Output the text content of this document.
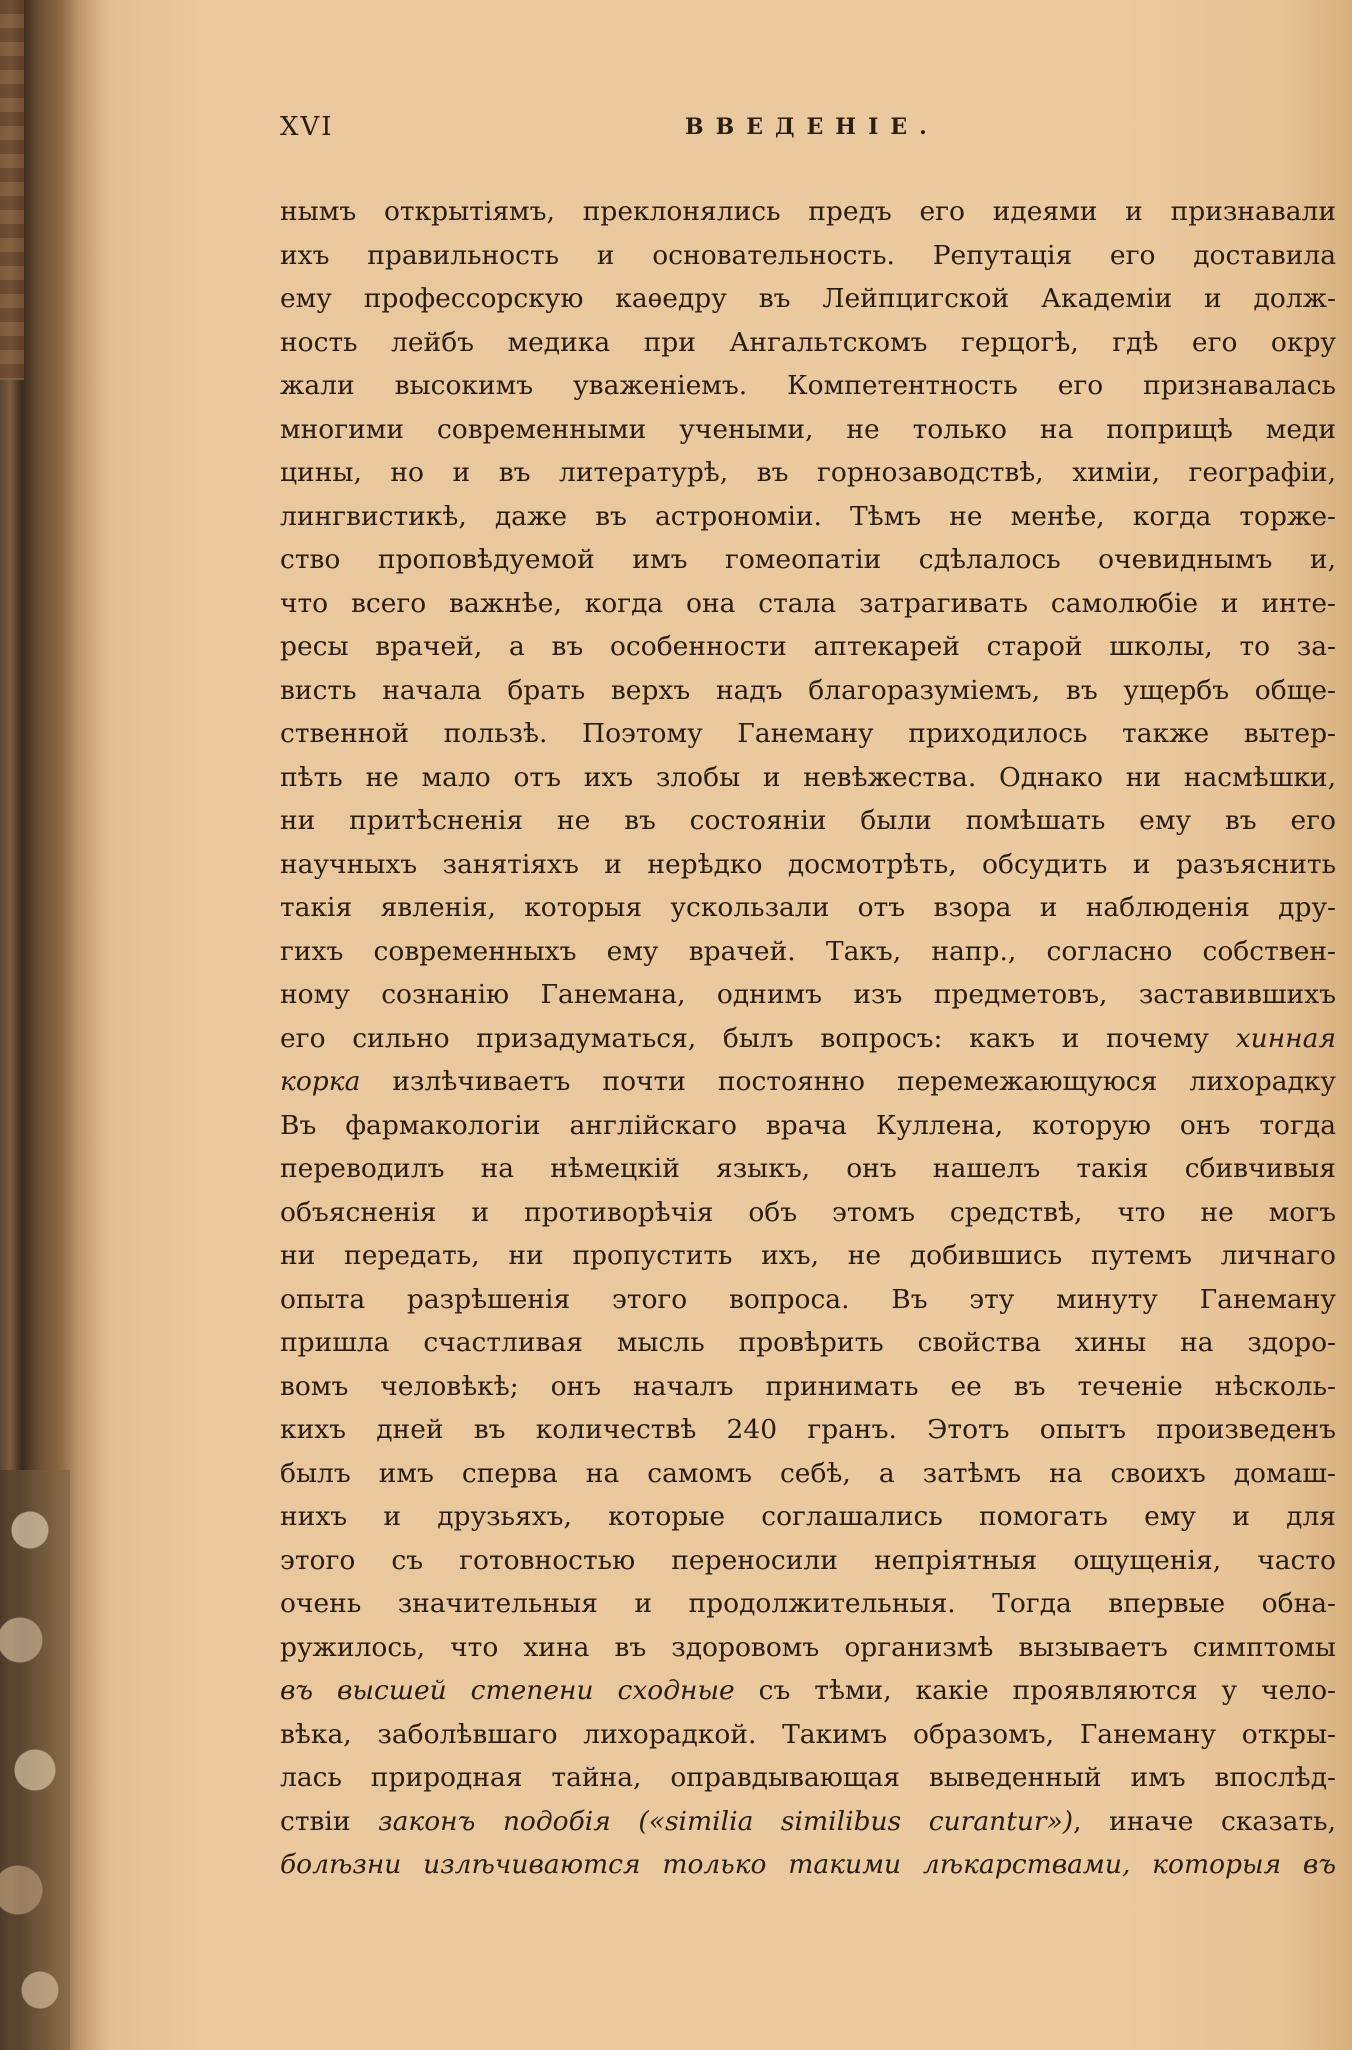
XVI	ВВЕДЕНІЕ.
нымъ открытіямъ, преклонялись предъ его идеями и признавали
ихъ правильность и основательность. Репутація его доставила
ему профессорскую каѳедру въ Лейпцигской Академіи и долж-
ность лейбъ медика при Ангальтскомъ герцогѣ, гдѣ его окру
жали высокимъ уваженіемъ. Компетентность его признавалась
многими современными учеными, не только на поприщѣ меди
цины, но и въ литературѣ, въ горнозаводствѣ, химіи, географіи,
лингвистикѣ, даже въ астрономіи. Тѣмъ не менѣе, когда торже-
ство проповѣдуемой имъ гомеопатіи сдѣлалось очевиднымъ и,
что всего важнѣе, когда она стала затрагивать самолюбіе и инте-
ресы врачей, а въ особенности аптекарей старой школы, то за-
висть начала брать верхъ надъ благоразуміемъ, въ ущербъ обще-
ственной пользѣ. Поэтому Ганеману приходилось также вытер-
пѣть не мало отъ ихъ злобы и невѣжества. Однако ни насмѣшки,
ни притѣсненія не въ состояніи были помѣшать ему въ его
научныхъ занятіяхъ и нерѣдко досмотрѣть, обсудить и разъяснить
такія явленія, которыя ускользали отъ взора и наблюденія дру-
гихъ современныхъ ему врачей. Такъ, напр., согласно собствен-
ному сознанію Ганемана, однимъ изъ предметовъ, заставившихъ
его сильно призадуматься, былъ вопросъ: какъ и почему хинная
корка излѣчиваетъ почти постоянно перемежающуюся лихорадку
Въ фармакологіи англійскаго врача Куллена, которую онъ тогда
переводилъ на нѣмецкій языкъ, онъ нашелъ такія сбивчивыя
объясненія и противорѣчія объ этомъ средствѣ, что не могъ
ни передать, ни пропустить ихъ, не добившись путемъ личнаго
опыта разрѣшенія этого вопроса. Въ эту минуту Ганеману
пришла счастливая мысль провѣрить свойства хины на здоро-
вомъ человѣкѣ; онъ началъ принимать ее въ теченіе нѣсколь-
кихъ дней въ количествѣ 240 гранъ. Этотъ опытъ произведенъ
былъ имъ сперва на самомъ себѣ, а затѣмъ на своихъ домаш-
нихъ и друзьяхъ, которые соглашались помогать ему и для
этого съ готовностью переносили непріятныя ощущенія, часто
очень значительныя и продолжительныя. Тогда впервые обна-
ружилось, что хина въ здоровомъ организмѣ вызываетъ симптомы
въ высшей степени сходные съ тѣми, какіе проявляются у чело-
вѣка, заболѣвшаго лихорадкой. Такимъ образомъ, Ганеману откры-
лась природная тайна, оправдывающая выведенный имъ впослѣд-
ствіи законъ подобія («similia similibus curantur»), иначе сказать,
болѣзни излѣчиваются только такими лѣкарствами, которыя въ
